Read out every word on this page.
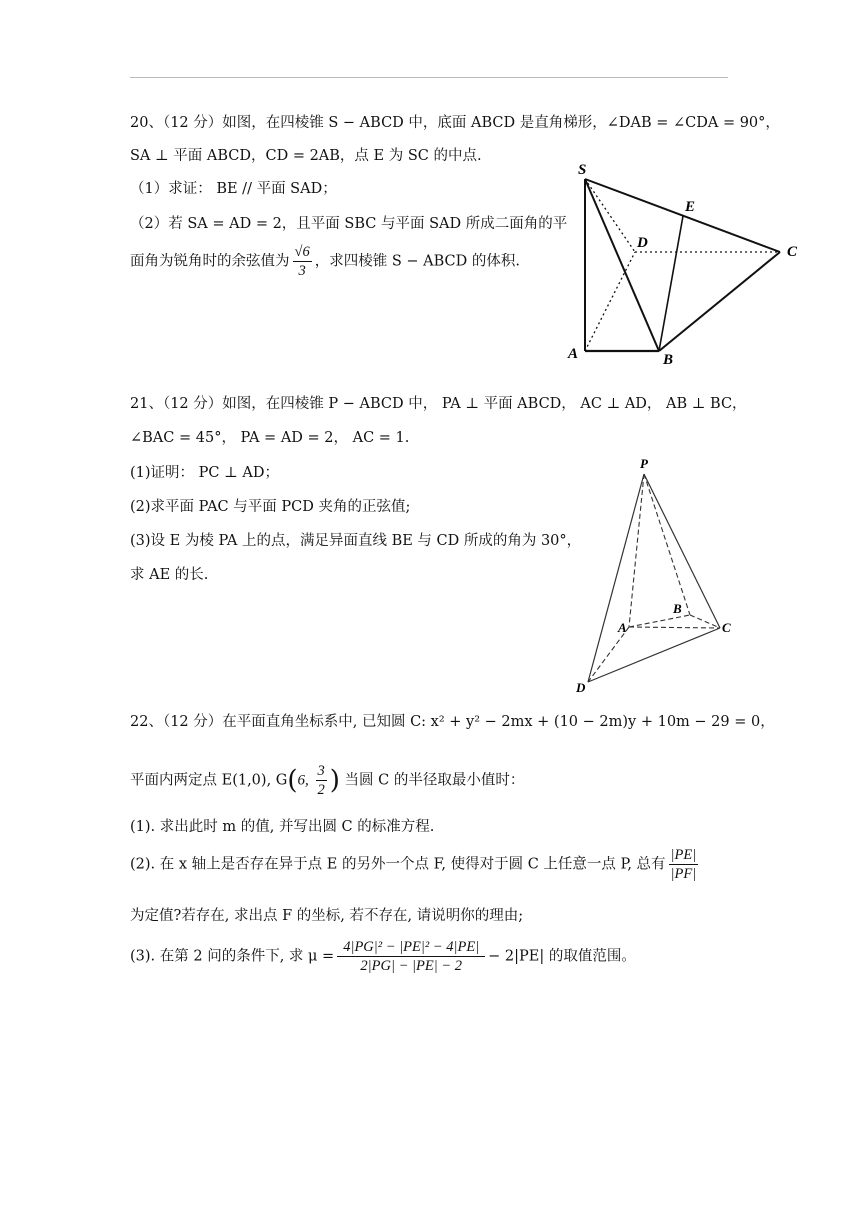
20、（12 分）如图，在四棱锥 S − ABCD 中，底面 ABCD 是直角梯形，∠DAB = ∠CDA = 90°，
SA ⊥ 平面 ABCD，CD = 2AB，点 E 为 SC 的中点.
（1）求证： BE // 平面 SAD；
（2）若 SA = AD = 2，且平面 SBC 与平面 SAD 所成二面角的平
面角为锐角时的余弦值为 $\frac{√6}{3}$ ，求四棱锥 S − ABCD 的体积.
S
E
D
C
A	B
21、（12 分）如图，在四棱锥 P − ABCD 中， PA ⊥ 平面 ABCD， AC ⊥ AD， AB ⊥ BC，
∠BAC = 45°， PA = AD = 2， AC = 1.
(1)证明： PC ⊥ AD；
(2)求平面 PAC 与平面 PCD 夹角的正弦值;
(3)设 E 为棱 PA 上的点，满足异面直线 BE 与 CD 所成的角为 30°，
求 AE 的长.
P
B
A	C
D
22、（12 分）在平面直角坐标系中, 已知圆 C: x² + y² − 2mx + (10 − 2m)y + 10m − 29 = 0，
平面内两定点 E(1,0), G(6, $\frac{3}{2}$ ) 当圆 C 的半径取最小值时：
(1). 求出此时 m 的值, 并写出圆 C 的标准方程.
(2). 在 x 轴上是否存在异于点 E 的另外一个点 F, 使得对于圆 C 上任意一点 P, 总有 $\frac{|PE|}{|PF|}$
为定值?若存在, 求出点 F 的坐标, 若不存在, 请说明你的理由;
(3). 在第 2 问的条件下, 求 $\mu = \frac{\text{4|PG|² − |PE|² − 4|PE|}}{2|PG| - |PE| - 2} - 2|PE|$ 的取值范围。
